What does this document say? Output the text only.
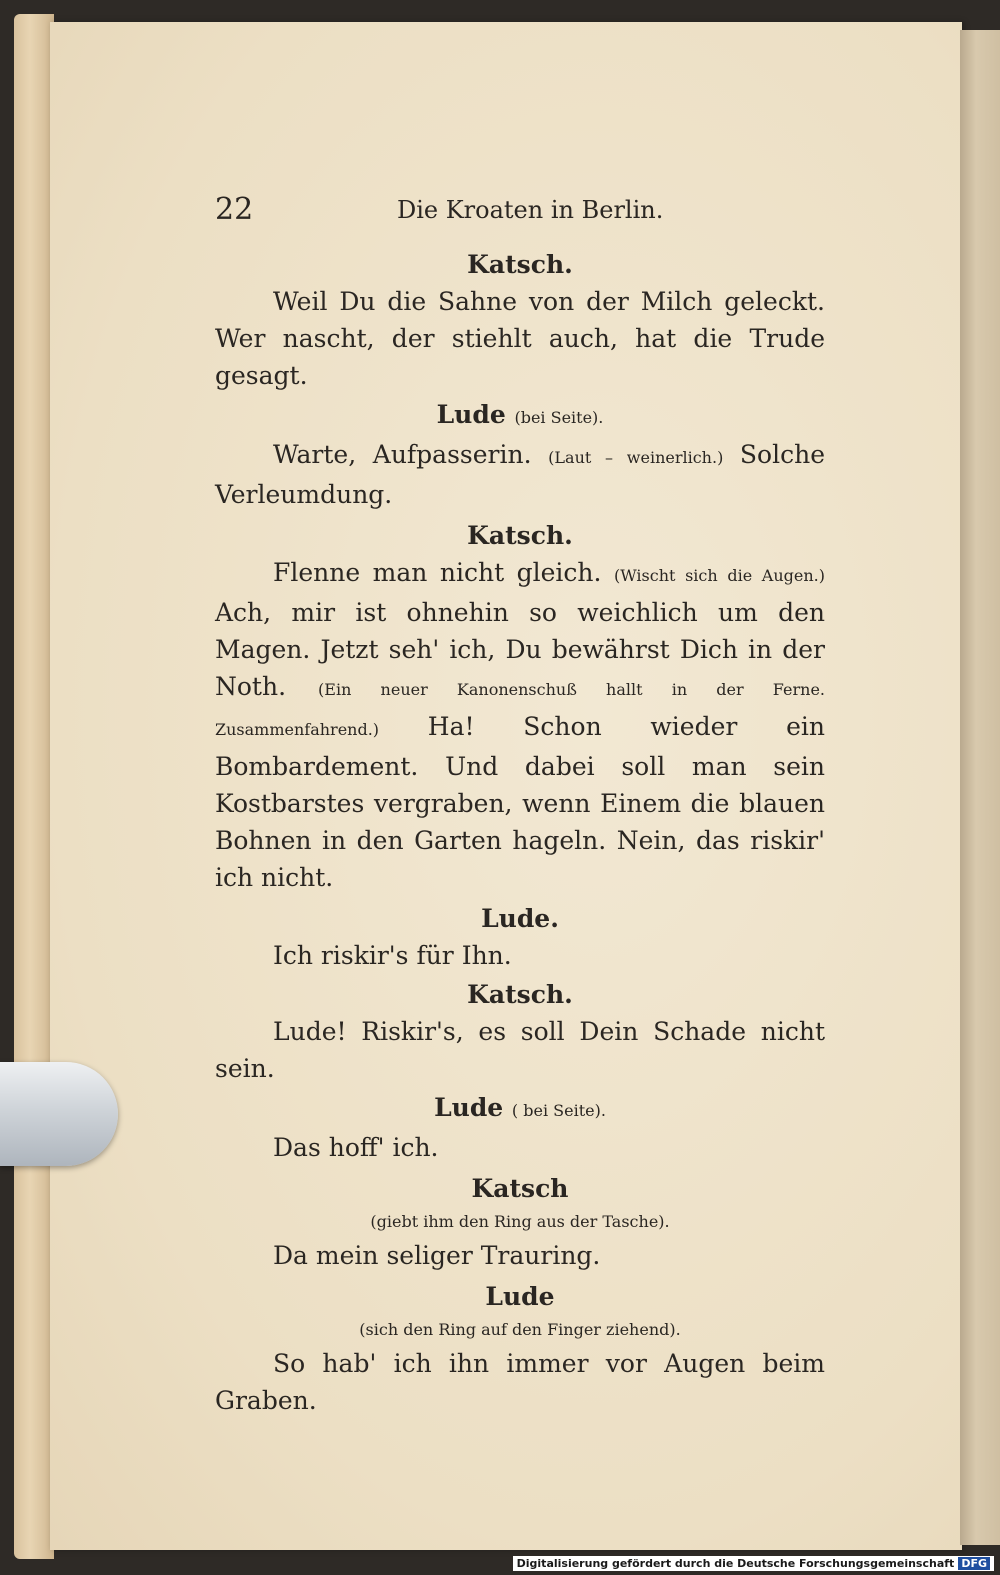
22	Die Kroaten in Berlin.

Katsch.

Weil Du die Sahne von der Milch geleckt. Wer nascht, der stiehlt auch, hat die Trude gesagt.

Lude (bei Seite).

Warte, Aufpasserin. (Laut – weinerlich.) Solche Verleumdung.

Katsch.

Flenne man nicht gleich. (Wischt sich die Augen.) Ach, mir ist ohnehin so weichlich um den Magen. Jetzt seh' ich, Du bewährst Dich in der Noth. (Ein neuer Kanonenschuß hallt in der Ferne. Zusammenfahrend.) Ha! Schon wieder ein Bombardement. Und dabei soll man sein Kostbarstes vergraben, wenn Einem die blauen Bohnen in den Garten hageln. Nein, das riskir' ich nicht.

Lude.

Ich riskir's für Ihn.

Katsch.

Lude! Riskir's, es soll Dein Schade nicht sein.

Lude ( bei Seite).

Das hoff' ich.

Katsch

(giebt ihm den Ring aus der Tasche).

Da mein seliger Trauring.

Lude

(sich den Ring auf den Finger ziehend).

So hab' ich ihn immer vor Augen beim Graben.

Digitalisierung gefördert durch die Deutsche Forschungsgemeinschaft DFG
